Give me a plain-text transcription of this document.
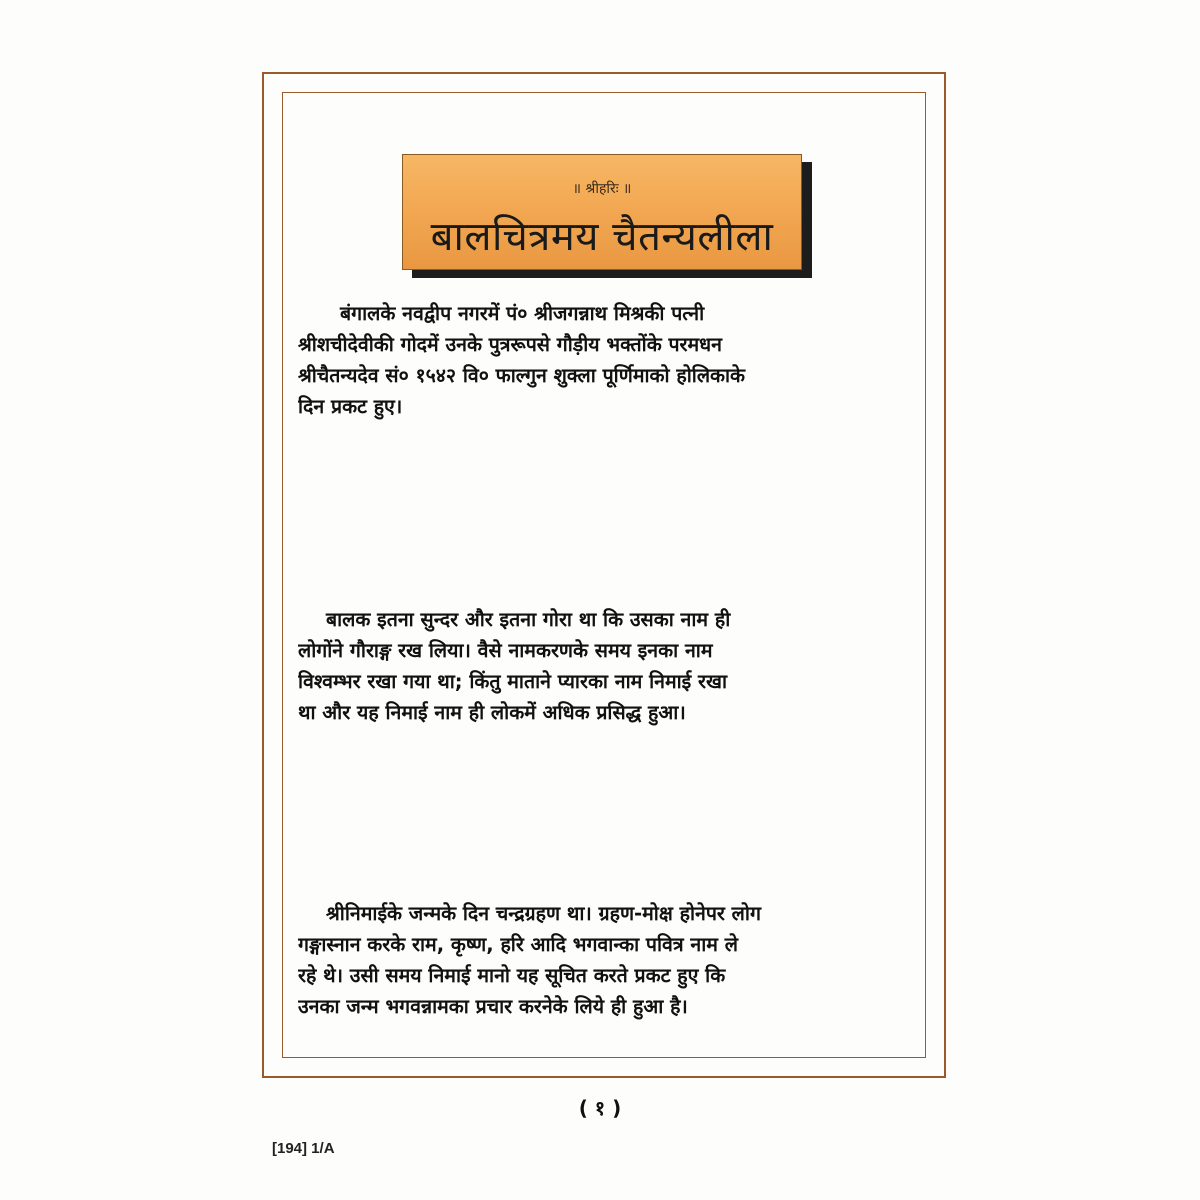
॥ श्रीहरिः ॥
बालचित्रमय चैतन्यलीला
बंगालके नवद्वीप नगरमें पं० श्रीजगन्नाथ मिश्रकी पत्नी
श्रीशचीदेवीकी गोदमें उनके पुत्ररूपसे गौड़ीय भक्तोंके परमधन
श्रीचैतन्यदेव सं० १५४२ वि० फाल्गुन शुक्ला पूर्णिमाको होलिकाके
दिन प्रकट हुए।
बालक इतना सुन्दर और इतना गोरा था कि उसका नाम ही
लोगोंने गौराङ्ग रख लिया। वैसे नामकरणके समय इनका नाम
विश्वम्भर रखा गया था; किंतु माताने प्यारका नाम निमाई रखा
था और यह निमाई नाम ही लोकमें अधिक प्रसिद्ध हुआ।
श्रीनिमाईके जन्मके दिन चन्द्रग्रहण था। ग्रहण-मोक्ष होनेपर लोग
गङ्गास्नान करके राम, कृष्ण, हरि आदि भगवान्का पवित्र नाम ले
रहे थे। उसी समय निमाई मानो यह सूचित करते प्रकट हुए कि
उनका जन्म भगवन्नामका प्रचार करनेके लिये ही हुआ है।
( १ )
[194] 1/A
